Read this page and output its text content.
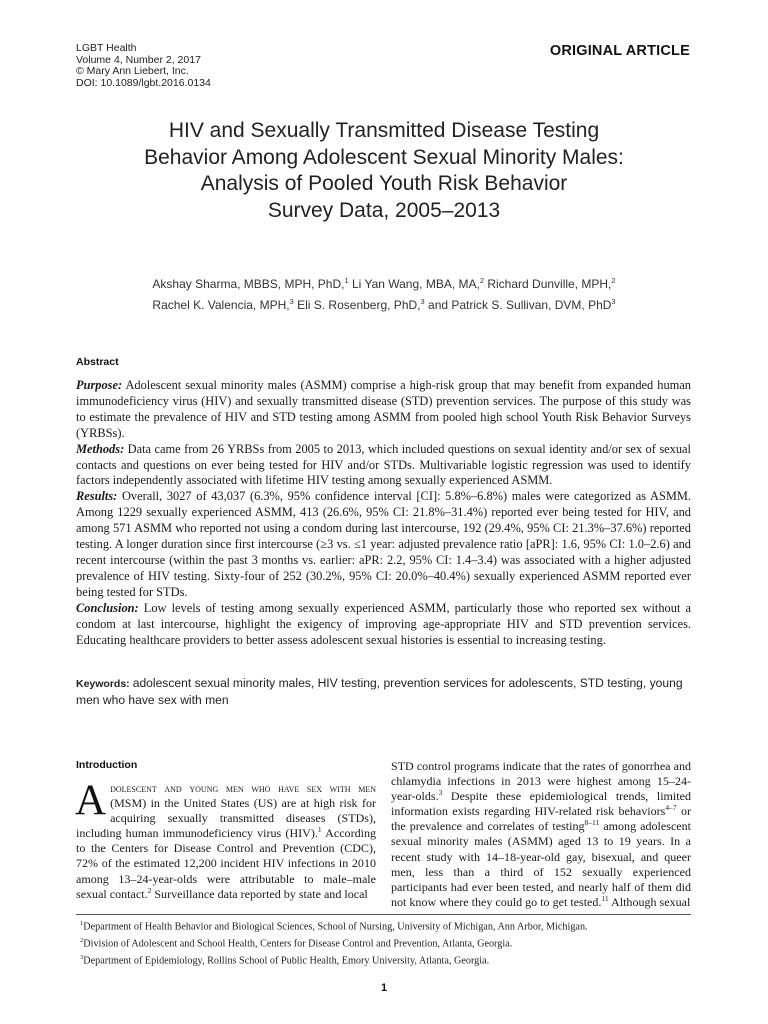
LGBT Health
Volume 4, Number 2, 2017
© Mary Ann Liebert, Inc.
DOI: 10.1089/lgbt.2016.0134
ORIGINAL ARTICLE
HIV and Sexually Transmitted Disease Testing
Behavior Among Adolescent Sexual Minority Males:
Analysis of Pooled Youth Risk Behavior
Survey Data, 2005–2013
Akshay Sharma, MBBS, MPH, PhD,$^1$ Li Yan Wang, MBA, MA,$^2$ Richard Dunville, MPH,$^2$
Rachel K. Valencia, MPH,$^3$ Eli S. Rosenberg, PhD,$^3$ and Patrick S. Sullivan, DVM, PhD$^3$
Abstract

Purpose: Adolescent sexual minority males (ASMM) comprise a high-risk group that may benefit from expanded human immunodeficiency virus (HIV) and sexually transmitted disease (STD) prevention services. The purpose of this study was to estimate the prevalence of HIV and STD testing among ASMM from pooled high school Youth Risk Behavior Surveys (YRBSs).

Methods: Data came from 26 YRBSs from 2005 to 2013, which included questions on sexual identity and/or sex of sexual contacts and questions on ever being tested for HIV and/or STDs. Multivariable logistic regression was used to identify factors independently associated with lifetime HIV testing among sexually experienced ASMM.

Results: Overall, 3027 of 43,037 (6.3%, 95% confidence interval [CI]: 5.8%–6.8%) males were categorized as ASMM. Among 1229 sexually experienced ASMM, 413 (26.6%, 95% CI: 21.8%–31.4%) reported ever being tested for HIV, and among 571 ASMM who reported not using a condom during last intercourse, 192 (29.4%, 95% CI: 21.3%–37.6%) reported testing. A longer duration since first intercourse (≥3 vs. ≤1 year: adjusted prevalence ratio [aPR]: 1.6, 95% CI: 1.0–2.6) and recent intercourse (within the past 3 months vs. earlier: aPR: 2.2, 95% CI: 1.4–3.4) was associated with a higher adjusted prevalence of HIV testing. Sixty-four of 252 (30.2%, 95% CI: 20.0%–40.4%) sexually experienced ASMM reported ever being tested for STDs.

Conclusion: Low levels of testing among sexually experienced ASMM, particularly those who reported sex without a condom at last intercourse, highlight the exigency of improving age-appropriate HIV and STD prevention services. Educating healthcare providers to better assess adolescent sexual histories is essential to increasing testing.

Keywords: adolescent sexual minority males, HIV testing, prevention services for adolescents, STD testing, young men who have sex with men
Introduction

Adolescent and young men who have sex with men (MSM) in the United States (US) are at high risk for acquiring sexually transmitted diseases (STDs), including human immunodeficiency virus (HIV).$^1$ According to the Centers for Disease Control and Prevention (CDC), 72% of the estimated 12,200 incident HIV infections in 2010 among 13–24-year-olds were attributable to male–male sexual contact.$^2$ Surveillance data reported by state and local

STD control programs indicate that the rates of gonorrhea and chlamydia infections in 2013 were highest among 15–24-year-olds.$^3$ Despite these epidemiological trends, limited information exists regarding HIV-related risk behaviors$^{4-7}$ or the prevalence and correlates of testing$^{8-11}$ among adolescent sexual minority males (ASMM) aged 13 to 19 years. In a recent study with 14–18-year-old gay, bisexual, and queer men, less than a third of 152 sexually experienced participants had ever been tested, and nearly half of them did not know where they could go to get tested.$^{11}$ Although sexual

$^1$Department of Health Behavior and Biological Sciences, School of Nursing, University of Michigan, Ann Arbor, Michigan.
$^2$Division of Adolescent and School Health, Centers for Disease Control and Prevention, Atlanta, Georgia.
$^3$Department of Epidemiology, Rollins School of Public Health, Emory University, Atlanta, Georgia.
1
